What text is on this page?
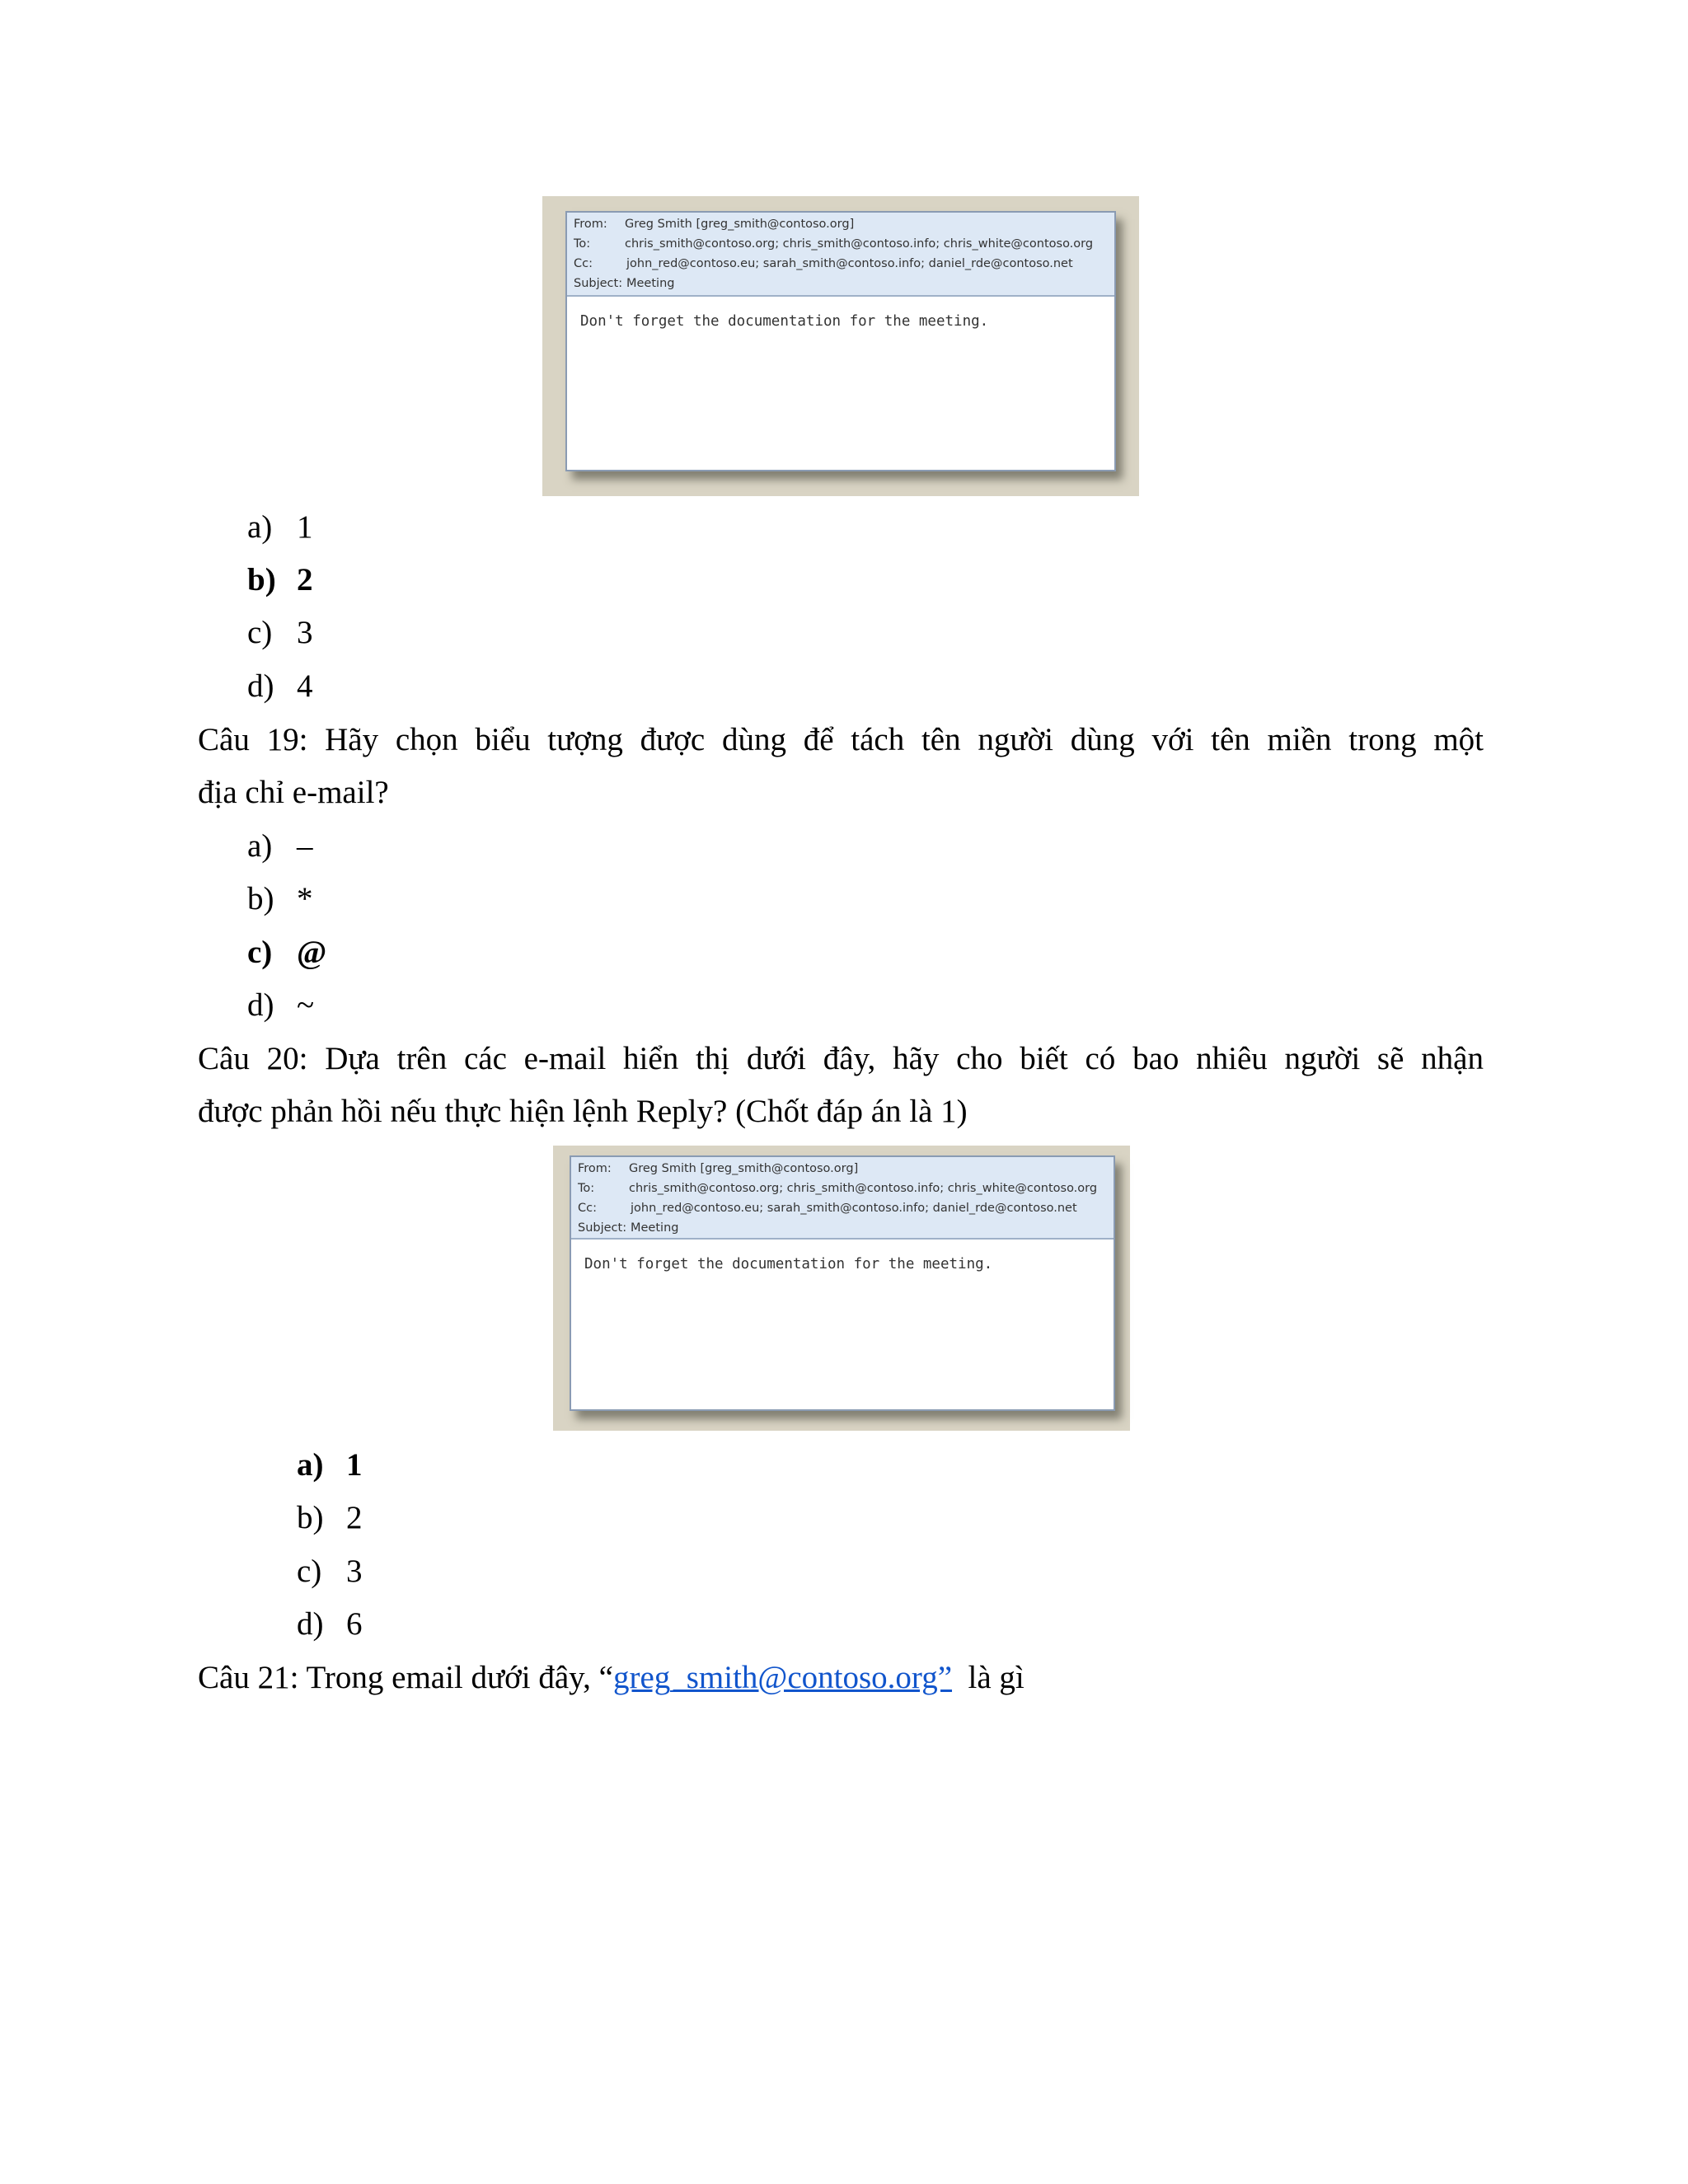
From: Greg Smith [greg_smith@contoso.org]
To:	chris_smith@contoso.org; chris_smith@contoso.info; chris_white@contoso.org
Cc:	john_red@contoso.eu; sarah_smith@contoso.info; daniel_rde@contoso.net
Subject: Meeting
Don't forget the documentation for the meeting.
a) 1
b) 2
c) 3
d) 4
Câu 19: Hãy chọn biểu tượng được dùng để tách tên người dùng với tên miền trong một
địa chỉ e-mail?
a) –
b) *
c) @
d) ~
Câu 20: Dựa trên các e-mail hiển thị dưới đây, hãy cho biết có bao nhiêu người sẽ nhận
được phản hồi nếu thực hiện lệnh Reply? (Chốt đáp án là 1)
From: Greg Smith [greg_smith@contoso.org]
To:	chris_smith@contoso.org; chris_smith@contoso.info; chris_white@contoso.org
Cc:	john_red@contoso.eu; sarah_smith@contoso.info; daniel_rde@contoso.net
Subject: Meeting
Don't forget the documentation for the meeting.
a) 1
b) 2
c) 3
d) 6
Câu 21: Trong email dưới đây, “greg_smith@contoso.org”  là gì
